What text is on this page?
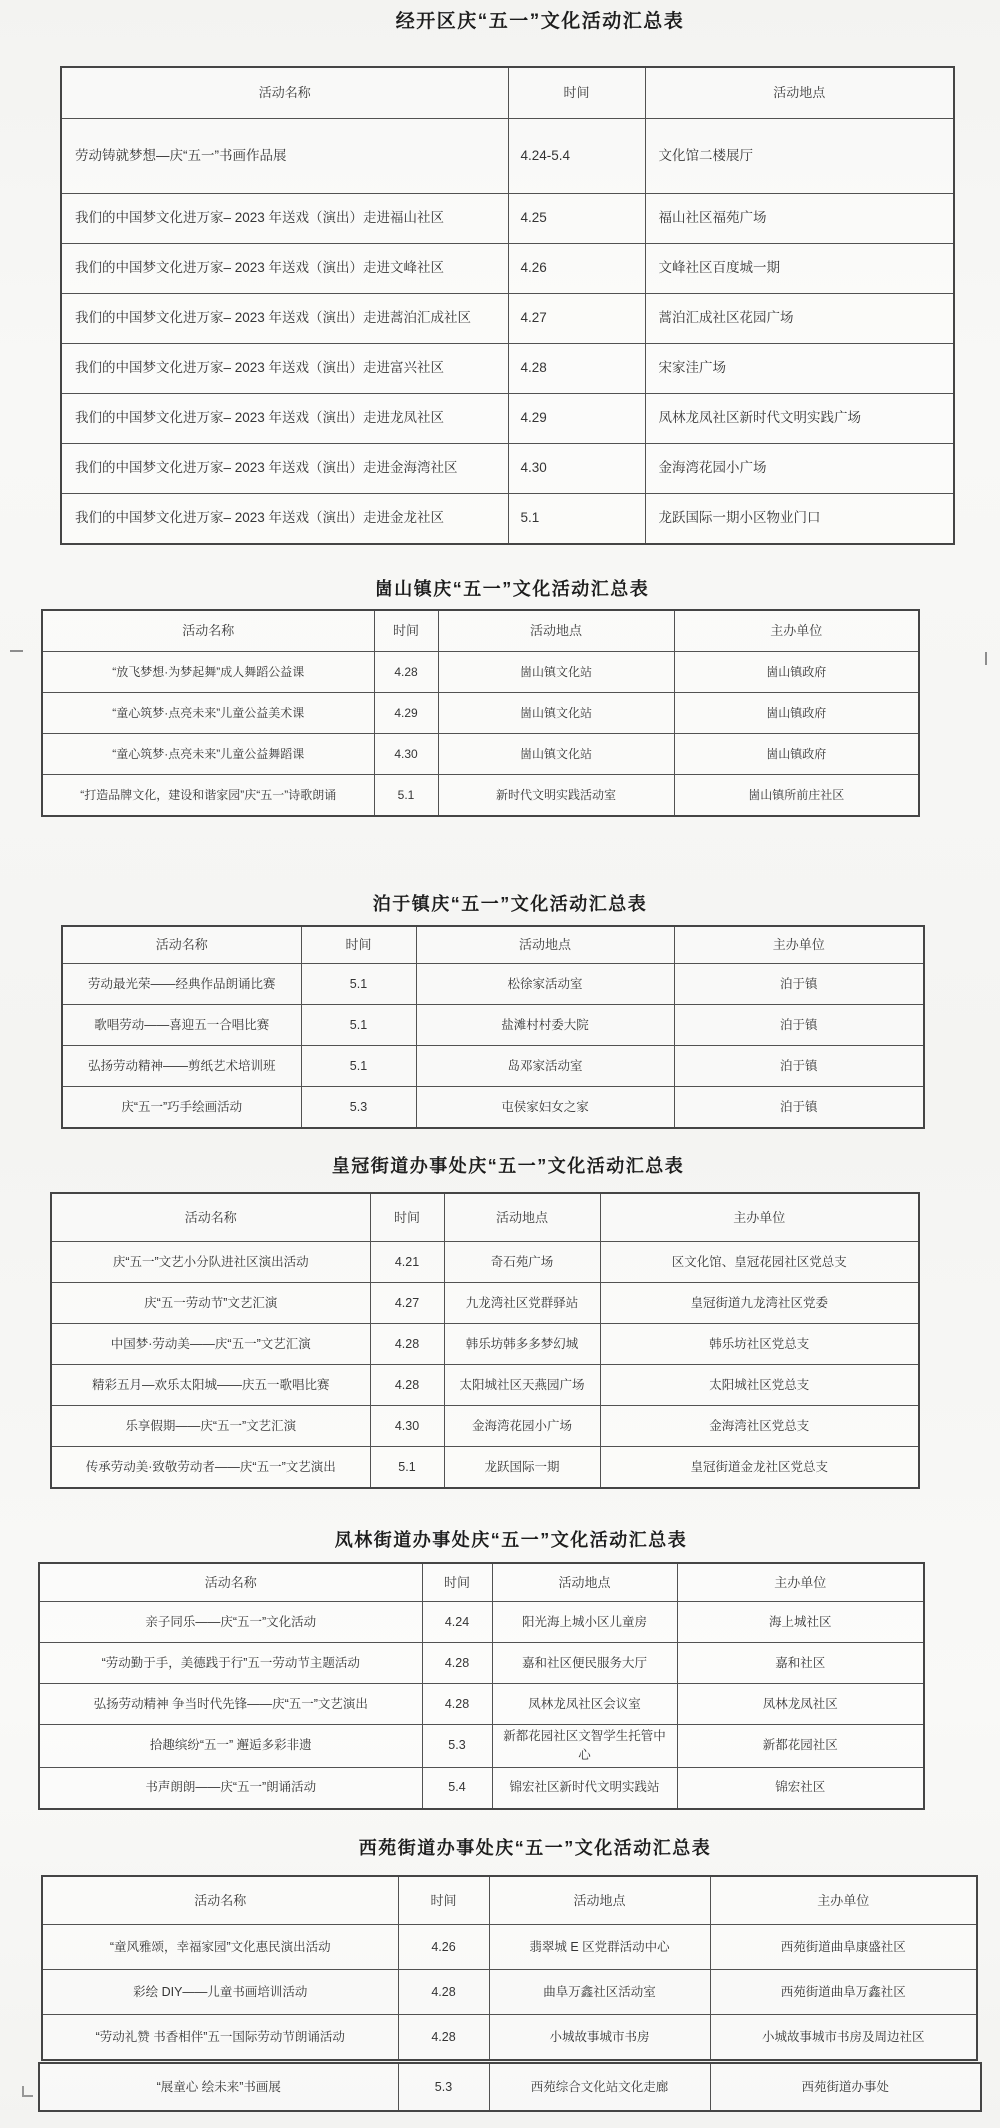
经开区庆“五一”文化活动汇总表
活动名称	时间	活动地点
劳动铸就梦想—庆“五一”书画作品展	4.24-5.4	文化馆二楼展厅
我们的中国梦文化进万家– 2023 年送戏（演出）走进福山社区	4.25	福山社区福苑广场
我们的中国梦文化进万家– 2023 年送戏（演出）走进文峰社区	4.26	文峰社区百度城一期
我们的中国梦文化进万家– 2023 年送戏（演出）走进蒿泊汇成社区	4.27	蒿泊汇成社区花园广场
我们的中国梦文化进万家– 2023 年送戏（演出）走进富兴社区	4.28	宋家洼广场
我们的中国梦文化进万家– 2023 年送戏（演出）走进龙凤社区	4.29	凤林龙凤社区新时代文明实践广场
我们的中国梦文化进万家– 2023 年送戏（演出）走进金海湾社区	4.30	金海湾花园小广场
我们的中国梦文化进万家– 2023 年送戏（演出）走进金龙社区	5.1	龙跃国际一期小区物业门口
崮山镇庆“五一”文化活动汇总表
活动名称	时间	活动地点	主办单位
“放飞梦想·为梦起舞”成人舞蹈公益课	4.28	崮山镇文化站	崮山镇政府
“童心筑梦·点亮未来”儿童公益美术课	4.29	崮山镇文化站	崮山镇政府
“童心筑梦·点亮未来”儿童公益舞蹈课	4.30	崮山镇文化站	崮山镇政府
“打造品牌文化，建设和谐家园”庆“五一”诗歌朗诵	5.1	新时代文明实践活动室	崮山镇所前庄社区
泊于镇庆“五一”文化活动汇总表
活动名称	时间	活动地点	主办单位
劳动最光荣——经典作品朗诵比赛	5.1	松徐家活动室	泊于镇
歌唱劳动——喜迎五一合唱比赛	5.1	盐滩村村委大院	泊于镇
弘扬劳动精神——剪纸艺术培训班	5.1	岛邓家活动室	泊于镇
庆“五一”巧手绘画活动	5.3	屯侯家妇女之家	泊于镇
皇冠街道办事处庆“五一”文化活动汇总表
活动名称	时间	活动地点	主办单位
庆“五一”文艺小分队进社区演出活动	4.21	奇石苑广场	区文化馆、皇冠花园社区党总支
庆“五一劳动节”文艺汇演	4.27	九龙湾社区党群驿站	皇冠街道九龙湾社区党委
中国梦·劳动美——庆“五一”文艺汇演	4.28	韩乐坊韩多多梦幻城	韩乐坊社区党总支
精彩五月—欢乐太阳城——庆五一歌唱比赛	4.28	太阳城社区天燕园广场	太阳城社区党总支
乐享假期——庆“五一”文艺汇演	4.30	金海湾花园小广场	金海湾社区党总支
传承劳动美·致敬劳动者——庆“五一”文艺演出	5.1	龙跃国际一期	皇冠街道金龙社区党总支
凤林街道办事处庆“五一”文化活动汇总表
活动名称	时间	活动地点	主办单位
亲子同乐——庆“五一”文化活动	4.24	阳光海上城小区儿童房	海上城社区
“劳动勤于手，美德践于行”五一劳动节主题活动	4.28	嘉和社区便民服务大厅	嘉和社区
弘扬劳动精神 争当时代先锋——庆“五一”文艺演出	4.28	凤林龙凤社区会议室	凤林龙凤社区
拾趣缤纷“五一” 邂逅多彩非遗	5.3	新都花园社区文智学生托管中心	新都花园社区
书声朗朗——庆“五一”朗诵活动	5.4	锦宏社区新时代文明实践站	锦宏社区
西苑街道办事处庆“五一”文化活动汇总表
活动名称	时间	活动地点	主办单位
“童风雅颂，幸福家园”文化惠民演出活动	4.26	翡翠城 E 区党群活动中心	西苑街道曲阜康盛社区
彩绘 DIY——儿童书画培训活动	4.28	曲阜万鑫社区活动室	西苑街道曲阜万鑫社区
“劳动礼赞 书香相伴”五一国际劳动节朗诵活动	4.28	小城故事城市书房	小城故事城市书房及周边社区
“展童心 绘未来”书画展	5.3	西苑综合文化站文化走廊	西苑街道办事处
